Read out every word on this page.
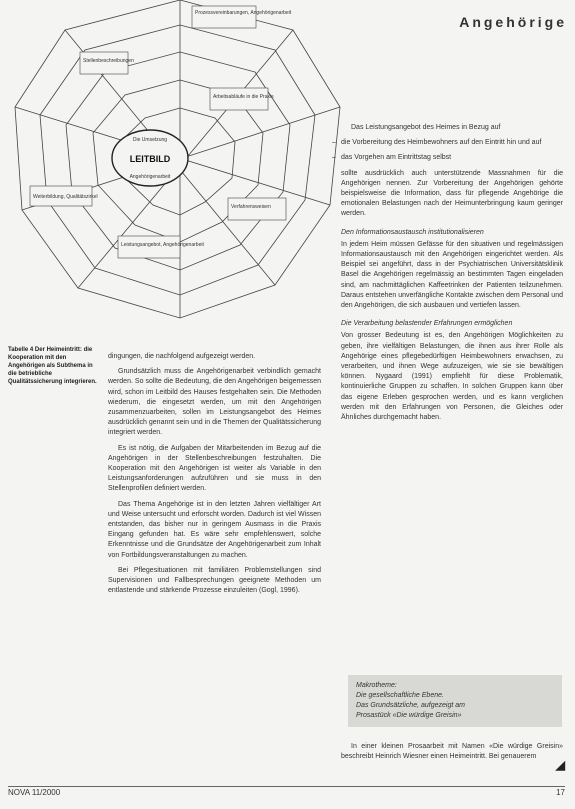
Angehörige
Die Umsetzung
LEITBILD
Angehörigenarbeit
Prozessvereinbarungen, Angehörigenarbeit
Stellenbeschreibungen
Arbeitsabläufe in die Praxis
Verfahrensweisen
Weiterbildung, Qualitätszirkel
Leistungsangebot, Angehörigenarbeit
Tabelle 4 Der Heimeintritt: die Kooperation mit den Angehörigen als Subthema in die betriebliche Qualitätssicherung integrieren.

dingungen, die nachfolgend aufgezeigt werden.

Grundsätzlich muss die Angehörigenarbeit verbindlich gemacht werden. So sollte die Bedeutung, die den Angehörigen beigemessen wird, schon im Leitbild des Hauses festgehalten sein. Die Methoden wiederum, die eingesetzt werden, um mit den Angehörigen zusammenzuarbeiten, sollen im Leistungsangebot des Heimes ausdrücklich genannt sein und in die Themen der Qualitätssicherung integriert werden.

Es ist nötig, die Aufgaben der Mitarbeitenden im Bezug auf die Angehörigen in der Stellenbeschreibungen festzuhalten. Die Kooperation mit den Angehörigen ist weiter als Variable in den Leistungsanforderungen aufzuführen und sie muss in den Stellenprofilen definiert werden.

Das Thema Angehörige ist in den letzten Jahren vielfältiger Art und Weise untersucht und erforscht worden. Dadurch ist viel Wissen entstanden, das bisher nur in geringem Ausmass in die Praxis Eingang gefunden hat. Es wäre sehr empfehlenswert, solche Erkenntnisse und die Grundsätze der Angehörigenarbeit zum Inhalt von Fortbildungsveranstaltungen zu machen.

Bei Pflegesituationen mit familiären Problemstellungen sind Supervisionen und Fallbesprechungen geeignete Methoden um entlastende und stärkende Prozesse einzuleiten (Gogl, 1996).

Das Leistungsangebot des Heimes in Bezug auf

– die Vorbereitung des Heimbewohners auf den Eintritt hin und auf

– das Vorgehen am Eintrittstag selbst

sollte ausdrücklich auch unterstützende Massnahmen für die Angehörigen nennen. Zur Vorbereitung der Angehörigen gehörte beispielsweise die Information, dass für pflegende Angehörige die emotionalen Belastungen nach der Heimunterbringung kaum geringer werden.

Den Informationsaustausch institutionalisieren

In jedem Heim müssen Gefässe für den situativen und regelmässigen Informationsaustausch mit den Angehörigen eingerichtet werden. Als Beispiel sei angeführt, dass in der Psychiatrischen Universitätsklinik Basel die Angehörigen regelmässig an bestimmten Tagen eingeladen sind, am nachmittäglichen Kaffeetrinken der Patienten teilzunehmen. Daraus entstehen unverfängliche Kontakte zwischen dem Personal und den Angehörigen, die sich ausbauen und vertiefen lassen.

Die Verarbeitung belastender Erfahrungen ermöglichen

Von grosser Bedeutung ist es, den Angehörigen Möglichkeiten zu geben, ihre vielfältigen Belastungen, die ihnen aus ihrer Rolle als Angehörige eines pflegebedürftigen Heimbewohners erwachsen, zu verarbeiten, und ihnen Wege aufzuzeigen, wie sie sie bewältigen können. Nygaard (1991) empfiehlt für diese Problematik, kontinuierliche Gruppen zu schaffen. In solchen Gruppen kann über das eigene Erleben gesprochen werden, und es kann verglichen werden mit den Erfahrungen von Personen, die Gleiches oder Ähnliches durchgemacht haben.

Makrotheme:
Die gesellschaftliche Ebene.
Das Grundsätzliche, aufgezeigt am
Prosastück «Die würdige Greisin»

In einer kleinen Prosaarbeit mit Namen «Die würdige Greisin» beschreibt Heinrich Wiesner einen Heimeintritt. Bei genauerem

◢
NOVA 11/2000	17
